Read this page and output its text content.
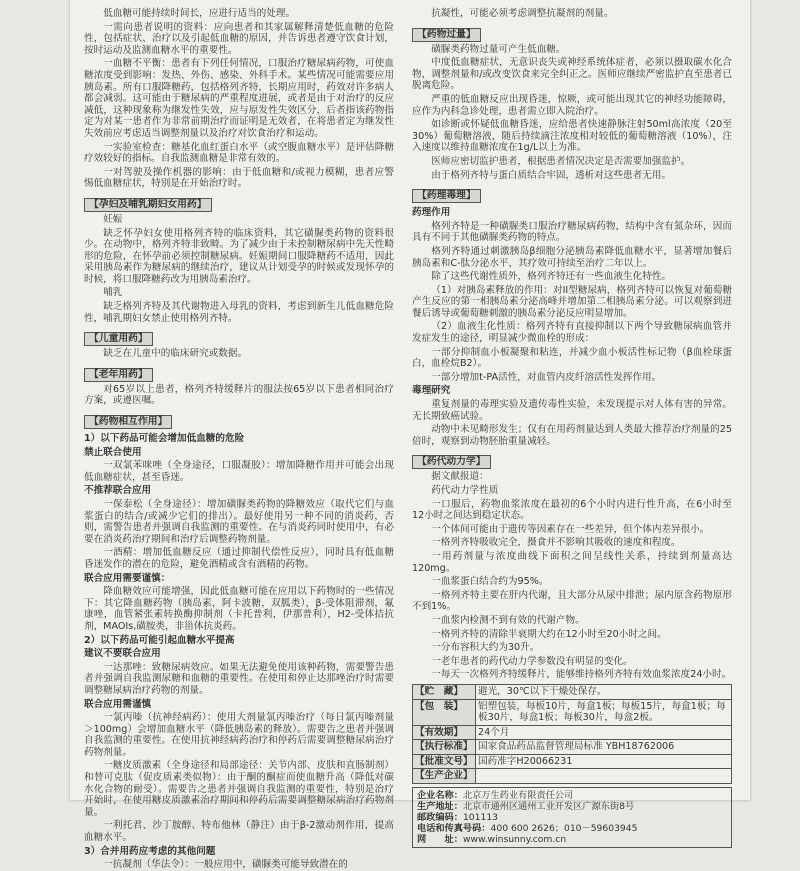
低血糖可能持续时间长，应进行适当的处理。

一需向患者说明的资料：应向患者和其家属解释清楚低血糖的危险性，包括症状、治疗以及引起低血糖的原因，并告诉患者遵守饮食计划，按时运动及监测血糖水平的重要性。

一血糖不平衡：患者有下列任何情况，口服治疗糖尿病药物，可使血糖浓度受到影响：发热、外伤、感染、外科手术。某些情况可能需要应用胰岛素。所有口服降糖药，包括格列齐特，长期应用时，药效对许多病人都会减弱。这可能由于糖尿病的严重程度进展，或者是由于对治疗的反应减低，这种现象称为继发性失效，应与原发性失效区分，后者指该药物指定为对某一患者作为非常前期治疗而证明是无效者，在将患者定为继发性失效前应考虑适当调整剂量以及治疗对饮食治疗和运动。

一实验室检查：糖基化血红蛋白水平（或空腹血糖水平）是评估降糖疗效较好的指标。自我监测血糖是非常有效的。

一对驾驶及操作机器的影响：由于低血糖和/或视力模糊，患者应警惕低血糖症状，特别是在开始治疗时。

【孕妇及哺乳期妇女用药】

妊娠

缺乏怀孕妇女使用格列齐特的临床资料，其它磺脲类药物的资料很少。在动物中，格列齐特非致畸。为了减少由于未控制糖尿病中先天性畸形的危险，在怀孕前必须控制糖尿病。妊娠期间口服降糖药不适用，因此采用胰岛素作为糖尿病的继续治疗，建议从计划受孕的时候或发现怀孕的时候，将口服降糖药改为用胰岛素治疗。

哺乳

缺乏格列齐特及其代谢物进入母乳的资料，考虑到新生儿低血糖危险性，哺乳期妇女禁止使用格列齐特。

【儿童用药】

缺乏在儿童中的临床研究或数据。

【老年用药】

对65岁以上患者，格列齐特缓释片的服法按65岁以下患者相同治疗方案，或遵医嘱。

【药物相互作用】
1）以下药品可能会增加低血糖的危险
禁止联合使用

一双氯苯咪唑（全身途径，口服凝胶）：增加降糖作用并可能会出现低血糖症状，甚至昏迷。

不推荐联合应用

一保泰松（全身途径）：增加磺脲类药物的降糖效应（取代它们与血浆蛋白的结合/或减少它们的排出）。最好使用另一种不同的消炎药，否则，需警告患者并强调自我监测的重要性。在与消炎药同时使用中，有必要在消炎药治疗期间和治疗后调整药物剂量。

一酒精：增加低血糖反应（通过抑制代偿性反应），同时具有低血糖昏迷发作的潜在的危险，避免酒精或含有酒精的药物。

联合应用需要谨慎：

降血糖效应可能增强，因此低血糖可能在应用以下药物时的一些情况下：其它降血糖药物（胰岛素，阿卡波糖，双胍类），β-受体阻滞剂，氟康唑，血管紧张素转换酶抑制剂（卡托普利，伊那普利），H2-受体拮抗剂，MAOIs,磺胺类，非甾体抗炎药。

2）以下药品可能引起血糖水平提高
建议不要联合应用

一达那唑：致糖尿病效应。如果无法避免使用该种药物，需要警告患者并强调自我监测尿糖和血糖的重要性。在使用和停止达那唑治疗时需要调整糖尿病治疗药物的剂量。

联合应用需谨慎

一氯丙嗪（抗神经病药）：使用大剂量氯丙嗪治疗（每日氯丙嗪剂量＞100mg）会增加血糖水平（降低胰岛素的释放）。需要告之患者并强调自我监测的重要性。在使用抗神经病药治疗和停药后需要调整糖尿病治疗药物剂量。

一糖皮质激素（全身途径和局部途径：关节内部、皮肤和直肠制剂）和替可克肽（促皮质素类似物）：由于酮的酮症而使血糖升高（降低对碳水化合物的耐受）。需要告之患者并强调自我监测的重要性，特别是治疗开始时，在使用糖皮质激素治疗期间和停药后需要调整糖尿病治疗药物剂量。

一利托君、沙丁胺醇、特布他林（静注）由于β-2激动剂作用，提高血糖水平。

3）合并用药应考虑的其他问题

一抗凝剂（华法令）：一般应用中，磺脲类可能导致潜在的

抗凝性，可能必须考虑调整抗凝剂的剂量。

【药物过量】

磺脲类药物过量可产生低血糖。

中度低血糖症状，无意识丧失或神经系统体症者，必须以摄取碳水化合物，调整剂量和/或改变饮食来完全纠正之。医师应继续严密监护直至患者已脱离危险。

严重的低血糖反应出现昏迷，惊厥，或可能出现其它的神经功能障碍，应作为内科急诊处理，患者需立即入院治疗。

如诊断或怀疑低血糖昏迷，应给患者快速静脉注射50ml高浓度（20至30%）葡萄糖溶液，随后持续滴注浓度相对较低的葡萄糖溶液（10%），注入速度以维持血糖浓度在1g/L以上为准。

医师应密切监护患者，根据患者情况决定是否需要加强监护。

由于格列齐特与蛋白质结合牢固，透析对这些患者无用。

【药理毒理】
药理作用

格列齐特是一种磺脲类口服治疗糖尿病药物，结构中含有氮杂环，因而具有不同于其他磺脲类药物的特点。

格列齐特通过刺激胰岛β细胞分泌胰岛素降低血糖水平，显著增加餐后胰岛素和C-肽分泌水平，其疗效可持续至治疗二年以上。

除了这些代谢性质外，格列齐特还有一些血液生化特性。

（1）对胰岛素释放的作用：对II型糖尿病，格列齐特可以恢复对葡萄糖产生反应的第一相胰岛素分泌高峰并增加第二相胰岛素分泌。可以观察到进餐后诱导或葡萄糖刺激的胰岛素分泌反应明显增加。

（2）血液生化性质：格列齐特有直接抑制以下两个导致糖尿病血管并发症发生的途径，明显减少微血栓的形成：

一部分抑制血小板凝聚和粘连，并减少血小板活性标记物（β血栓球蛋白，血栓烷B2）。

一部分增加t-PA活性，对血管内皮纤溶活性发挥作用。

毒理研究

重复剂量的毒理实验及遗传毒性实验，未发现提示对人体有害的异常。无长期致癌试验。

动物中未见畸形发生；仅有在用药剂量达到人类最大推荐治疗剂量的25倍时，观察到动物胚胎重量减轻。

【药代动力学】

据文献报道：

药代动力学性质

一口服后，药物血浆浓度在最初的6个小时内进行性升高，在6小时至12小时之间达到稳定状态。

一个体间可能由于遗传等因素存在一些差异，但个体内差异很小。

一格列齐特吸收完全，摄食并不影响其吸收的速度和程度。

一用药剂量与浓度曲线下面积之间呈线性关系，持续到剂量高达120mg。

一血浆蛋白结合约为95%。

一格列齐特主要在肝内代谢，且大部分从尿中排泄；尿内原含药物原形不到1%。

一血浆内检测不到有效的代谢产物。

一格列齐特的清除半衰期大约在12小时至20小时之间。

一分布容积大约为30升。

一老年患者的药代动力学参数没有明显的变化。

一每天一次格列齐特缓释片，能够维持格列齐特有效血浆浓度24小时。

【贮　藏】	避光，30℃以下干燥处保存。
【包　装】	铝塑包装，每板10片，每盒1板；每板15片，每盒1板；每板30片，每盒1板；每板30片，每盒2板。
【有效期】	24个月
【执行标准】	国家食品药品监督管理局标准 YBH18762006
【批准文号】	国药准字H20066231
【生产企业】	
企业名称：北京万生药业有限责任公司
生产地址：北京市通州区通州工业开发区广源东街8号
邮政编码：101113
电话和传真号码：400 600 2626；010－59603945
网　　址：www.winsunny.com.cn
